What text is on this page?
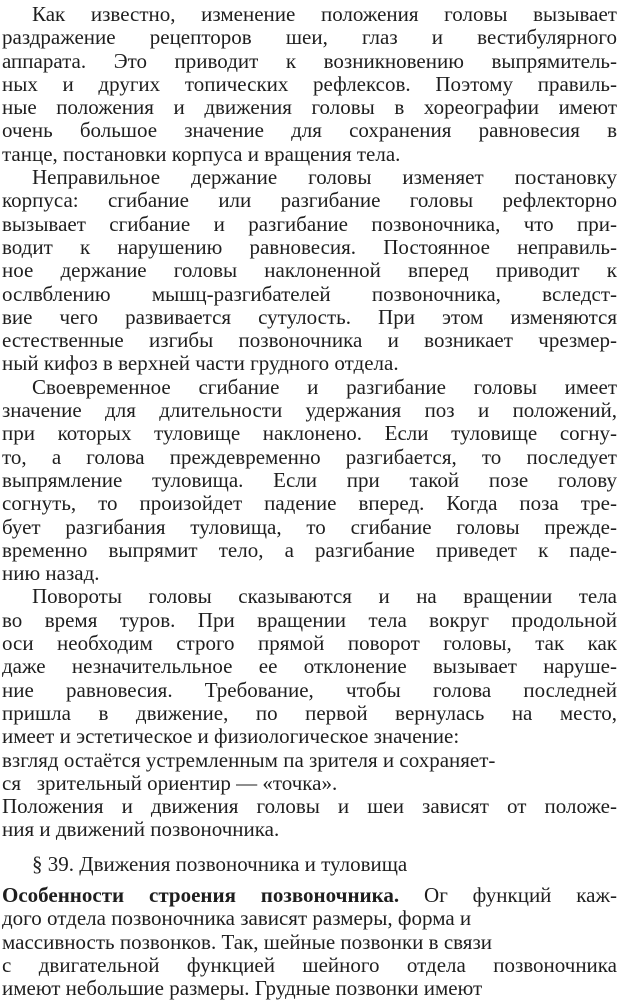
Как известно, изменение положения головы вызывает
раздражение рецепторов шеи, глаз и вестибулярного
аппарата. Это приводит к возникновению выпрямитель-
ных и других топических рефлексов. Поэтому правиль-
ные положения и движения головы в хореографии имеют
очень большое значение для сохранения равновесия в
танце, постановки корпуса и вращения тела.

Неправильное держание головы изменяет постановку
корпуса: сгибание или разгибание головы рефлекторно
вызывает сгибание и разгибание позвоночника, что при-
водит к нарушению равновесия. Постоянное неправиль-
ное держание головы наклоненной вперед приводит к
ослвблению мышц-разгибателей позвоночника, вследст-
вие чего развивается сутулость. При этом изменяются
естественные изгибы позвоночника и возникает чрезмер-
ный кифоз в верхней части грудного отдела.

Своевременное сгибание и разгибание головы имеет
значение для длительности удержания поз и положений,
при которых туловище наклонено. Если туловище согну-
то, а голова преждевременно разгибается, то последует
выпрямление туловища. Если при такой позе голову
согнуть, то произойдет падение вперед. Когда поза тре-
бует разгибания туловища, то сгибание головы прежде-
временно выпрямит тело, а разгибание приведет к паде-
нию назад.

Повороты головы сказываются и на вращении тела
во время туров. При вращении тела вокруг продольной
оси необходим строго прямой поворот головы, так как
даже незначительльное ее отклонение вызывает наруше-
ние равновесия. Требование, чтобы голова последней
пришла в движение, по первой вернулась на место,
имеет и эстетическое и физиологическое значение:
взгляд остаётся устремленным па зрителя и сохраняет-
ся   зрительный ориентир — «точка».

Положения и движения головы и шеи зависят от положе-
ния и движений позвоночника.

§ 39. Движения позвоночника и туловища

Особенности строения позвоночника. Ог функций каж-
дого отдела позвоночника зависят размеры, форма и
массивность позвонков. Так, шейные позвонки в связи
с двигательной функцией шейного отдела позвоночника
имеют небольшие размеры. Грудные позвонки имеют
